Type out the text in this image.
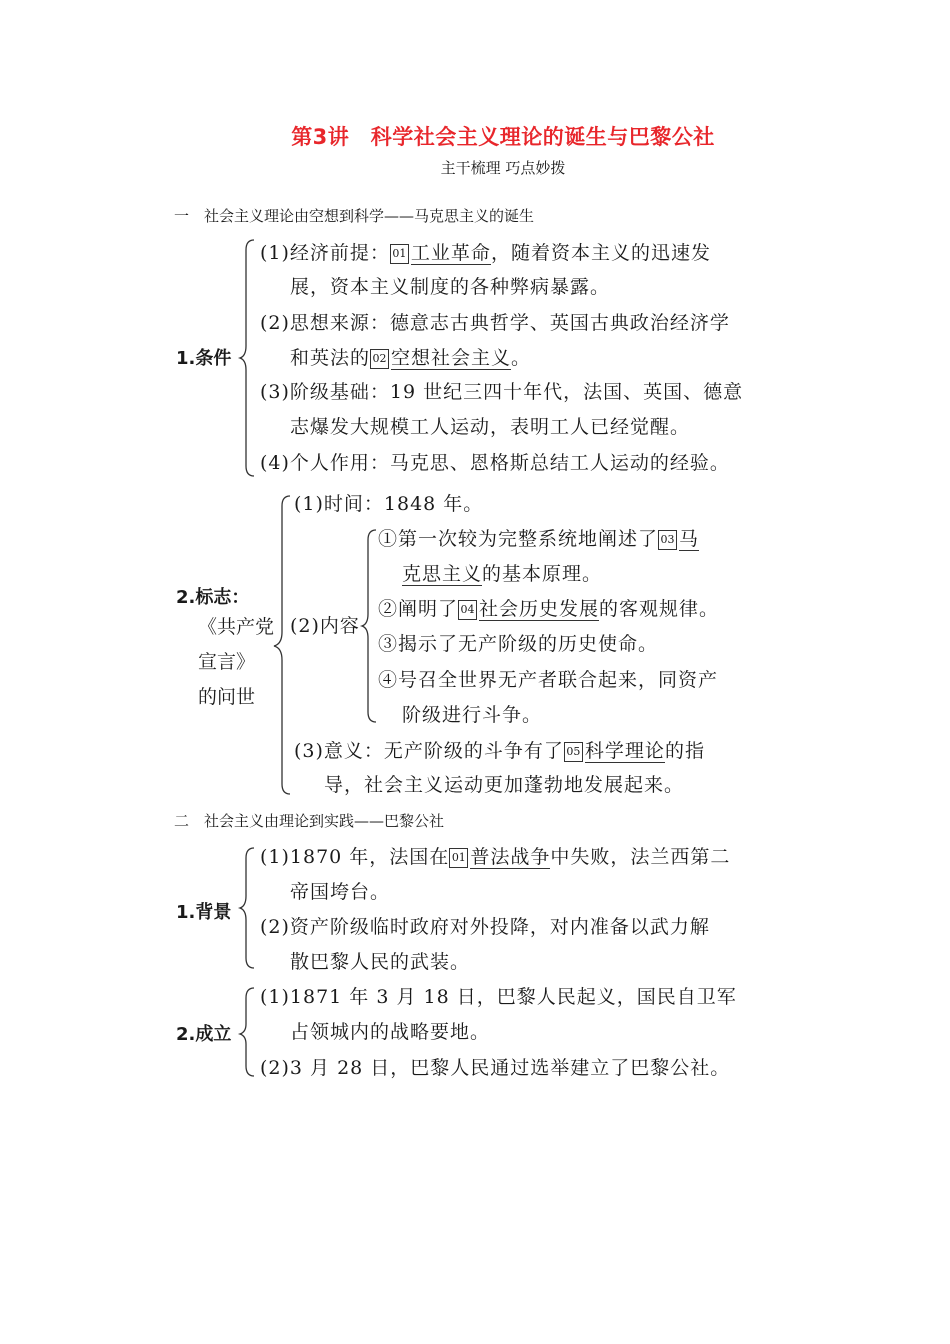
第3讲　科学社会主义理论的诞生与巴黎公社
主干梳理 巧点妙拨
一　社会主义理论由空想到科学——马克思主义的诞生
1.条件
(1)经济前提： 01 工业革命，随着资本主义的迅速发
展，资本主义制度的各种弊病暴露。
(2)思想来源：德意志古典哲学、英国古典政治经济学
和英法的 02 空想社会主义。
(3)阶级基础：19 世纪三四十年代，法国、英国、德意
志爆发大规模工人运动，表明工人已经觉醒。
(4)个人作用：马克思、恩格斯总结工人运动的经验。
2.标志：
《共产党
宣言》
的问世
(1)时间：1848 年。
(2)内容
①第一次较为完整系统地阐述了 03 马
克思主义的基本原理。
②阐明了 04 社会历史发展的客观规律。
③揭示了无产阶级的历史使命。
④号召全世界无产者联合起来，同资产
阶级进行斗争。
(3)意义：无产阶级的斗争有了 05 科学理论的指
导，社会主义运动更加蓬勃地发展起来。
二　社会主义由理论到实践——巴黎公社
1.背景
(1)1870 年，法国在 01 普法战争中失败，法兰西第二
帝国垮台。
(2)资产阶级临时政府对外投降，对内准备以武力解
散巴黎人民的武装。
2.成立
(1)1871 年 3 月 18 日，巴黎人民起义，国民自卫军
占领城内的战略要地。
(2)3 月 28 日，巴黎人民通过选举建立了巴黎公社。
